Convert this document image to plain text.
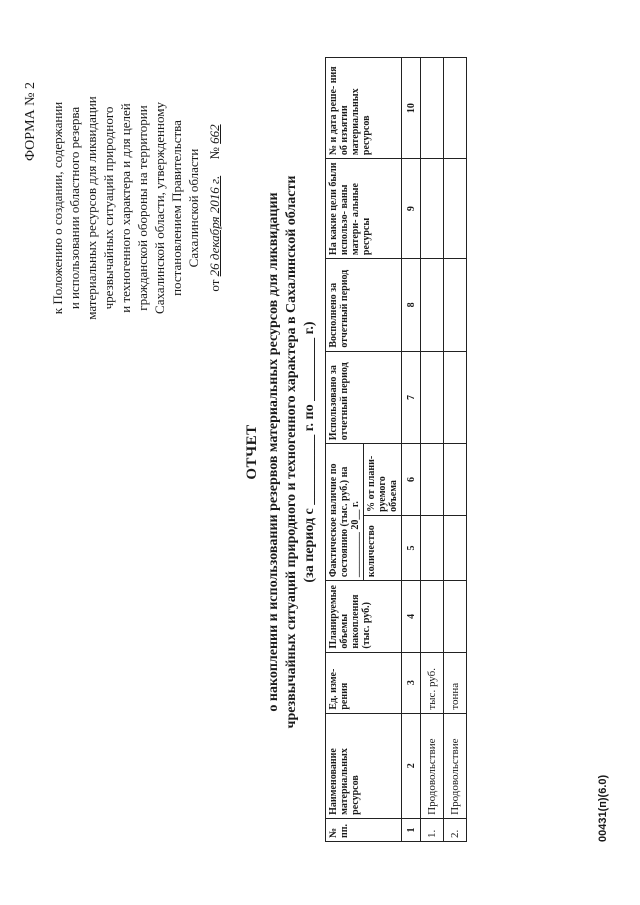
ФОРМА № 2 к Положению о создании, содержании и использовании областного резерва материальных ресурсов для ликвидации чрезвычайных ситуаций природного и техногенного характера и для целей гражданской обороны на территории Сахалинской области, утвержденному постановлением Правительства Сахалинской области
от 26 декабря 2016 г.     № 662
ОТЧЕТ о накоплении и использовании резервов материальных ресурсов для ликвидации чрезвычайных ситуаций природного и техногенного характера в Сахалинской области (за период с __________ г. по _________ г.)
№ пп.	Наименование материальных ресурсов	Ед. изме- рения	Планируемые объемы накопления (тыс. руб.)	Фактическое наличие по состоянию (тыс. руб.) на _________ 20__ г.		Использовано за отчетный период	Восполнено за отчетный период	На какие цели были использо- ваны матери- альные ресурсы	№ и дата реше- ния об изъятии материальных ресурсов
				количество	% от плани- руемого объема				
1	2	3	4	5	6	7	8	9	10
1.	Продовольствие	тыс. руб.							
2.	Продовольствие	тонна							
00431(п)(6.0)
